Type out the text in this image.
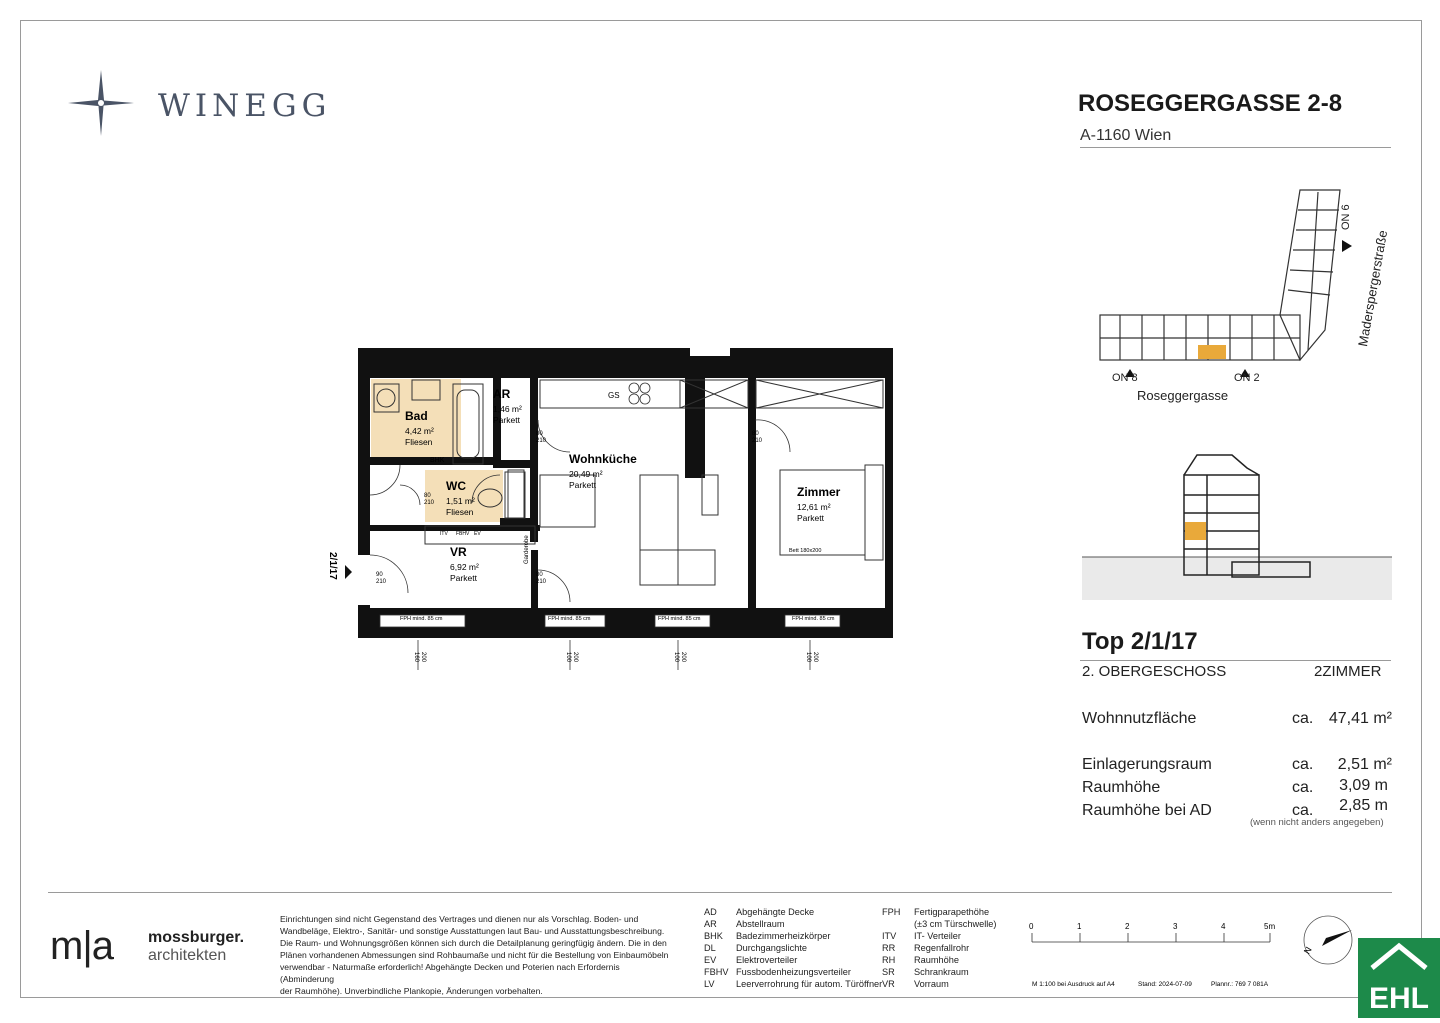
WINEGG	ROSEGGERGASSE 2-8
A-1160 Wien
ON 8	ON 2
ON 6
Roseggergasse
Maderspergerstraße
Top 2/1/17
2. OBERGESCHOSS	2ZIMMER
Wohnnutzfläche	ca. 47,41 m²
Einlagerungsraum	ca.	2,51 m²
Raumhöhe	ca.	3,09 m
Raumhöhe bei AD	ca.	2,85 m
(wenn nicht anders angegeben)
Bad
4,42 m²
Fliesen
AR
1,46 m²
Parkett
Wohnküche
20,49 m²
Parkett
WC
1,51 m²
Fliesen
VR
6,92 m²
Parkett
Zimmer
12,61 m²
Parkett
BHK
GS
Bett 180x200
ITV FBHV EV
FPH mind. 85 cm	FPH mind. 85 cm	FPH mind. 85 cm	FPH mind. 85 cm
80
210
80
210
80
210
90
210
80
210
2/1/17
Garderobe
160 200	100 200	100 200	100 200
m|a mossburger.
architekten
Einrichtungen sind nicht Gegenstand des Vertrages und dienen nur als Vorschlag. Boden- und
Wandbeläge, Elektro-, Sanitär- und sonstige Ausstattungen laut Bau- und Ausstattungsbeschreibung.
Die Raum- und Wohnungsgrößen können sich durch die Detailplanung geringfügig ändern. Die in den
Plänen vorhandenen Abmessungen sind Rohbaumaße und nicht für die Bestellung von Einbaumöbeln
verwendbar - Naturmaße erforderlich! Abgehängte Decken und Poterien nach Erfordernis (Abminderung
der Raumhöhe). Unverbindliche Plankopie, Änderungen vorbehalten.
AD	Abgehängte Decke
AR	Abstellraum
BHK	Badezimmerheizkörper
DL	Durchgangslichte
EV	Elektroverteiler
FBHV Fussbodenheizungsverteiler
LV	Leerverrohrung für autom. Türöffner
FPH	Fertigparapethöhe
(±3 cm Türschwelle)
ITV	IT- Verteiler
RR	Regenfallrohr
RH	Raumhöhe
SR	Schrankraum
VR	Vorraum
0	1	2	3	4	5m
M 1:100 bei Ausdruck auf A4	Stand: 2024-07-09	Plannr.: 769 7 081A
N
EHL
